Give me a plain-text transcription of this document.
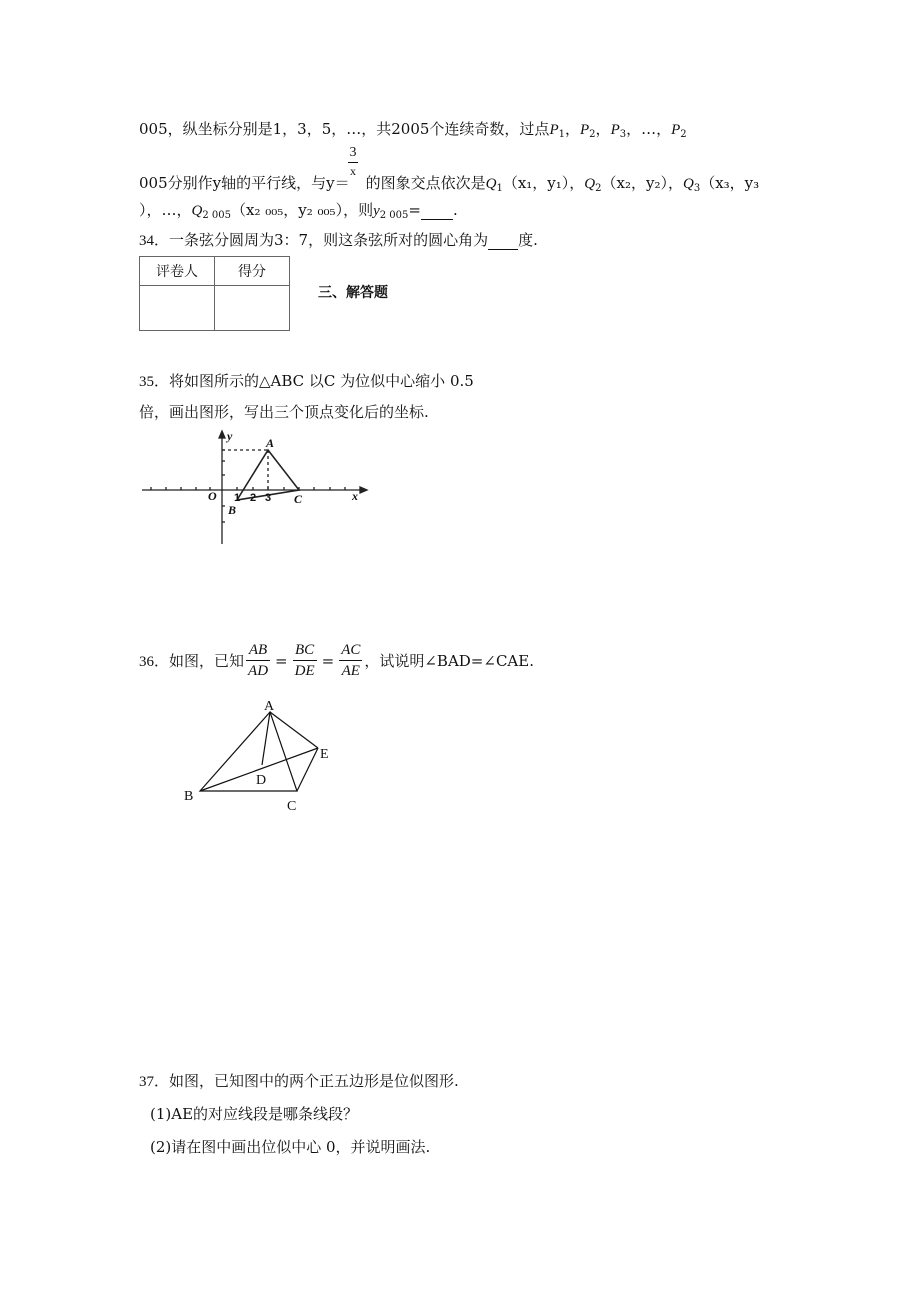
005，纵坐标分别是1，3，5，…，共2005个连续奇数，过点$P_1$，$P_2$，$P_3$，…，$P_2$
3
x
005分别作y轴的平行线，与y＝ 的图象交点依次是$Q_1(x_1$，y₁），$Q_2(x_2$，y₂），$Q_3(x_3$，y₃
），…，$Q_{2 005}(x_2$ ₀₀₅，y₂ ₀₀₅），则$y_{2 005}=$ .
34．一条弦分圆周为3：7，则这条弦所对的圆心角为 度.
评卷人	得分

三、解答题
35．将如图所示的△ABC 以C 为位似中心缩小 0.5
倍，画出图形，写出三个顶点变化后的坐标.
y
x
O
A
B
C
1 2 3
36． 如图，已知 $\frac{AB}{AD} = \frac{BC}{DE} = \frac{AC}{AE}$ ，试说明∠BAD=∠CAE.
A
B
C
D
E
37．如图，已知图中的两个正五边形是位似图形.
(1)AE的对应线段是哪条线段？
(2)请在图中画出位似中心 0，并说明画法.
